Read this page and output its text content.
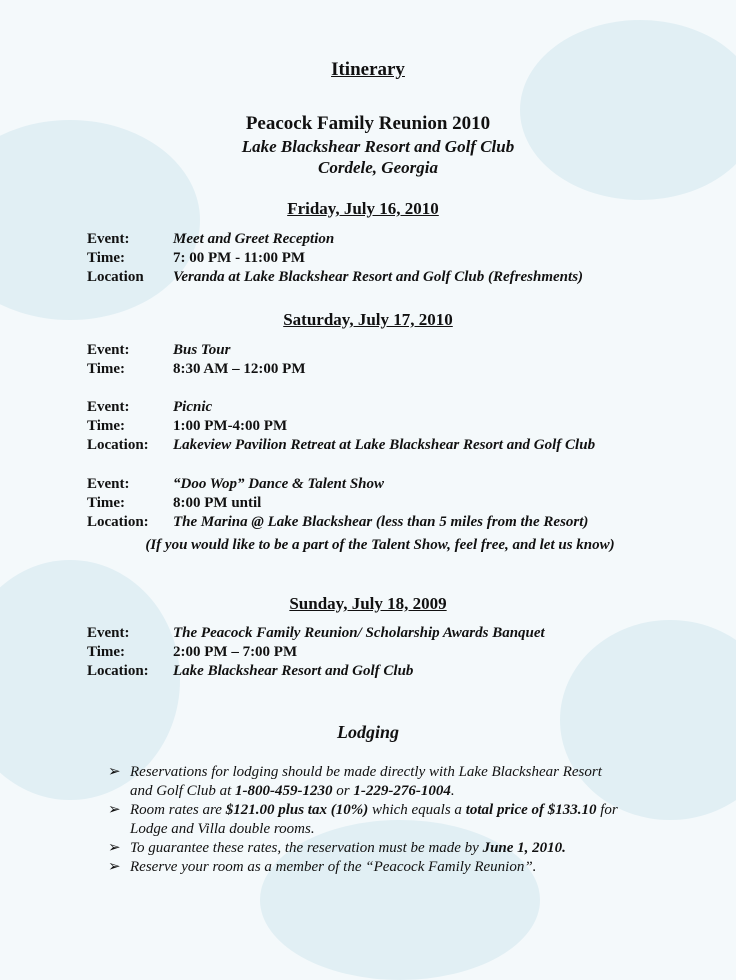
Itinerary
Peacock Family Reunion 2010
Lake Blackshear Resort and Golf Club
Cordele, Georgia
Friday, July 16, 2010
Event:	Meet and Greet Reception
Time:	7: 00 PM - 11:00 PM
Location Veranda at Lake Blackshear Resort and Golf Club (Refreshments)
Saturday, July 17, 2010
Event:	Bus Tour
Time:	8:30 AM – 12:00 PM
Event:	Picnic
Time:	1:00 PM-4:00 PM
Location: Lakeview Pavilion Retreat at Lake Blackshear Resort and Golf Club
Event:	“Doo Wop” Dance & Talent Show
Time:	8:00 PM until
Location: The Marina @ Lake Blackshear (less than 5 miles from the Resort)
(If you would like to be a part of the Talent Show, feel free, and let us know)
Sunday, July 18, 2009
Event:	The Peacock Family Reunion/ Scholarship Awards Banquet
Time:	2:00 PM – 7:00 PM
Location: Lake Blackshear Resort and Golf Club
Lodging
➢ Reservations for lodging should be made directly with Lake Blackshear Resort and Golf Club at 1-800-459-1230 or 1-229-276-1004.
➢ Room rates are $121.00 plus tax (10%) which equals a total price of $133.10 for Lodge and Villa double rooms.
➢ To guarantee these rates, the reservation must be made by June 1, 2010.
➢ Reserve your room as a member of the “Peacock Family Reunion”.
